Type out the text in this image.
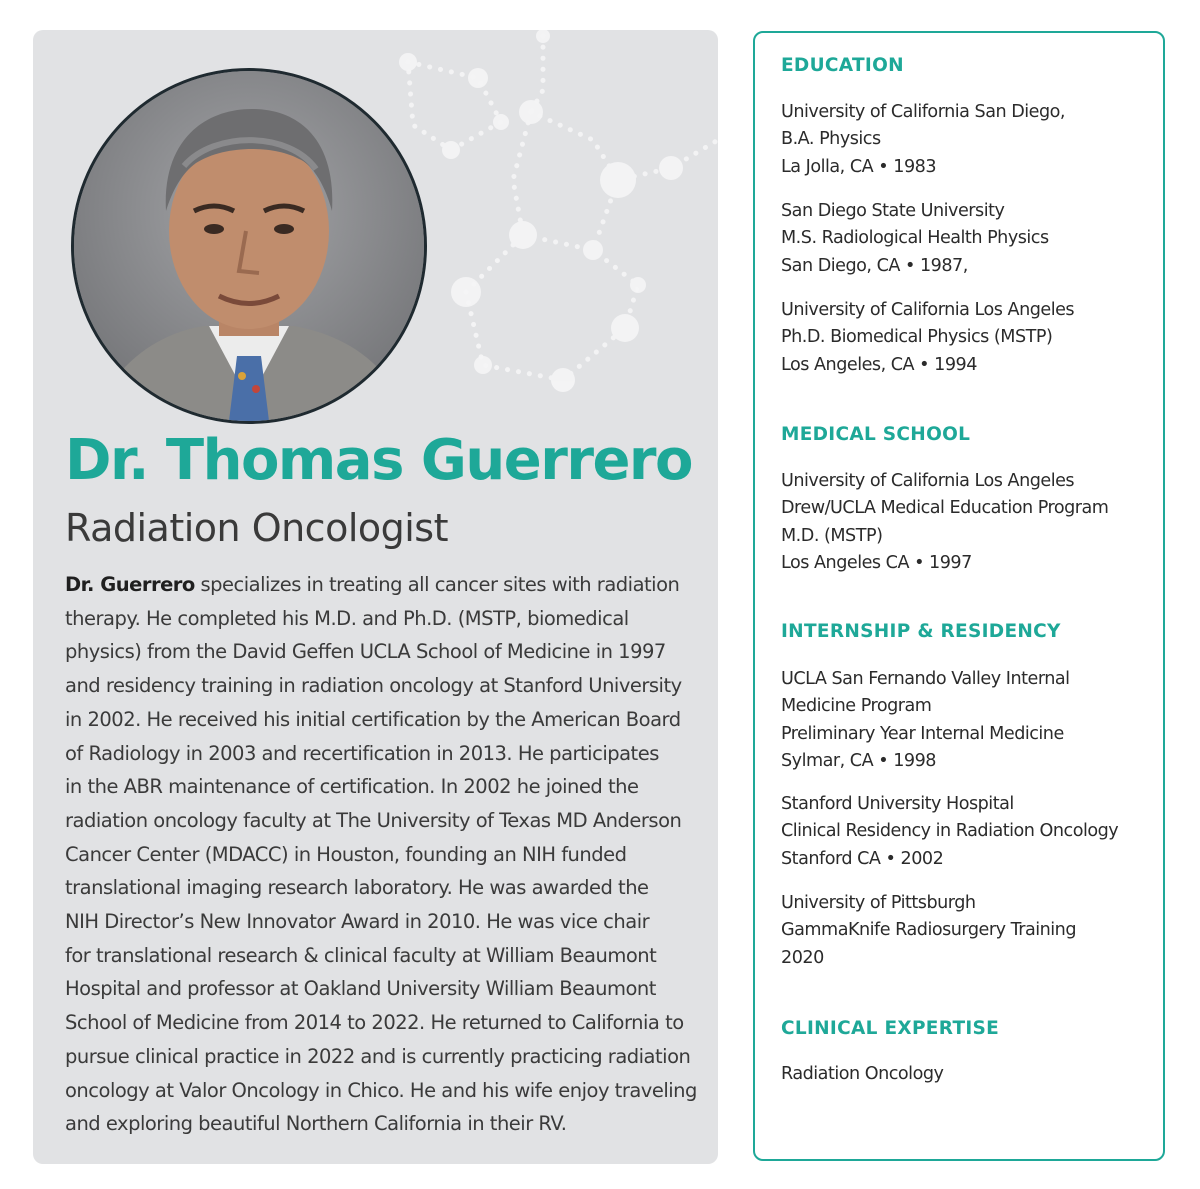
Dr. Thomas Guerrero
Radiation Oncologist

Dr. Guerrero specializes in treating all cancer sites with radiation
therapy. He completed his M.D. and Ph.D. (MSTP, biomedical
physics) from the David Geffen UCLA School of Medicine in 1997
and residency training in radiation oncology at Stanford University
in 2002. He received his initial certification by the American Board
of Radiology in 2003 and recertification in 2013. He participates
in the ABR maintenance of certification. In 2002 he joined the
radiation oncology faculty at The University of Texas MD Anderson
Cancer Center (MDACC) in Houston, founding an NIH funded
translational imaging research laboratory. He was awarded the
NIH Director’s New Innovator Award in 2010. He was vice chair
for translational research & clinical faculty at William Beaumont
Hospital and professor at Oakland University William Beaumont
School of Medicine from 2014 to 2022. He returned to California to
pursue clinical practice in 2022 and is currently practicing radiation
oncology at Valor Oncology in Chico. He and his wife enjoy traveling
and exploring beautiful Northern California in their RV.

EDUCATION

University of California San Diego,
B.A. Physics
La Jolla, CA • 1983

San Diego State University
M.S. Radiological Health Physics
San Diego, CA • 1987,

University of California Los Angeles
Ph.D. Biomedical Physics (MSTP)
Los Angeles, CA • 1994

MEDICAL SCHOOL

University of California Los Angeles
Drew/UCLA Medical Education Program
M.D. (MSTP)
Los Angeles CA • 1997

INTERNSHIP & RESIDENCY

UCLA San Fernando Valley Internal
Medicine Program
Preliminary Year Internal Medicine
Sylmar, CA • 1998

Stanford University Hospital
Clinical Residency in Radiation Oncology
Stanford CA • 2002

University of Pittsburgh
GammaKnife Radiosurgery Training
2020

CLINICAL EXPERTISE

Radiation Oncology
